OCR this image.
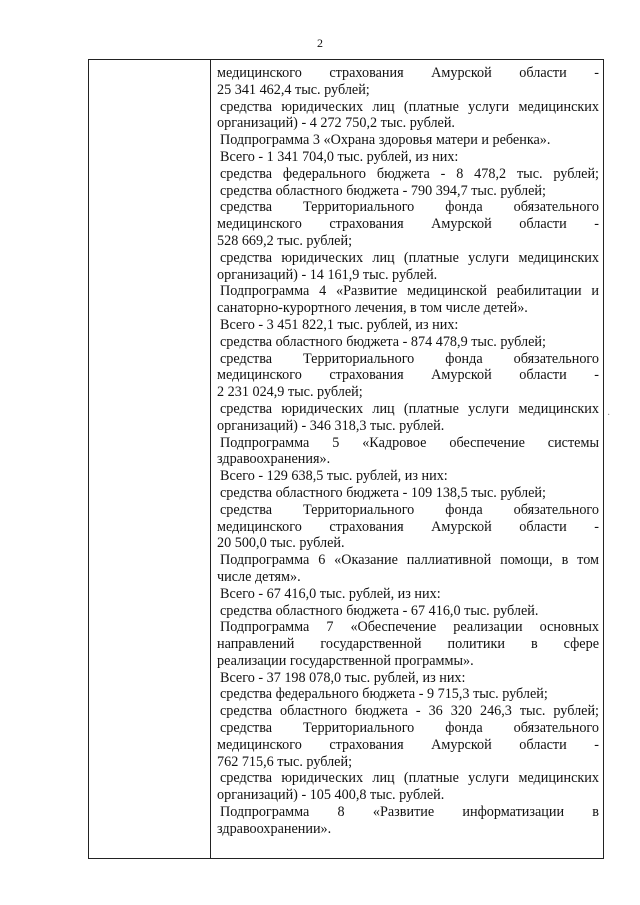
2
медицинского страхования Амурской области -
25 341 462,4 тыс. рублей;
средства юридических лиц (платные услуги медицинских
организаций) - 4 272 750,2 тыс. рублей.
Подпрограмма 3 «Охрана здоровья матери и ребенка».
Всего - 1 341 704,0 тыс. рублей, из них:
средства федерального бюджета - 8 478,2 тыс. рублей;
средства областного бюджета - 790 394,7 тыс. рублей;
средства Территориального фонда обязательного
медицинского страхования Амурской области -
528 669,2 тыс. рублей;
средства юридических лиц (платные услуги медицинских
организаций) - 14 161,9 тыс. рублей.
Подпрограмма 4 «Развитие медицинской реабилитации и
санаторно-курортного лечения, в том числе детей».
Всего - 3 451 822,1 тыс. рублей, из них:
средства областного бюджета - 874 478,9 тыс. рублей;
средства Территориального фонда обязательного
медицинского страхования Амурской области -
2 231 024,9 тыс. рублей;
средства юридических лиц (платные услуги медицинских
организаций) - 346 318,3 тыс. рублей.
Подпрограмма 5 «Кадровое обеспечение системы
здравоохранения».
Всего - 129 638,5 тыс. рублей, из них:
средства областного бюджета - 109 138,5 тыс. рублей;
средства Территориального фонда обязательного
медицинского страхования Амурской области -
20 500,0 тыс. рублей.
Подпрограмма 6 «Оказание паллиативной помощи, в том
числе детям».
Всего - 67 416,0 тыс. рублей, из них:
средства областного бюджета - 67 416,0 тыс. рублей.
Подпрограмма 7 «Обеспечение реализации основных
направлений государственной политики в сфере
реализации государственной программы».
Всего - 37 198 078,0 тыс. рублей, из них:
средства федерального бюджета - 9 715,3 тыс. рублей;
средства областного бюджета - 36 320 246,3 тыс. рублей;
средства Территориального фонда обязательного
медицинского страхования Амурской области -
762 715,6 тыс. рублей;
средства юридических лиц (платные услуги медицинских
организаций) - 105 400,8 тыс. рублей.
Подпрограмма 8 «Развитие информатизации в
здравоохранении».
·
